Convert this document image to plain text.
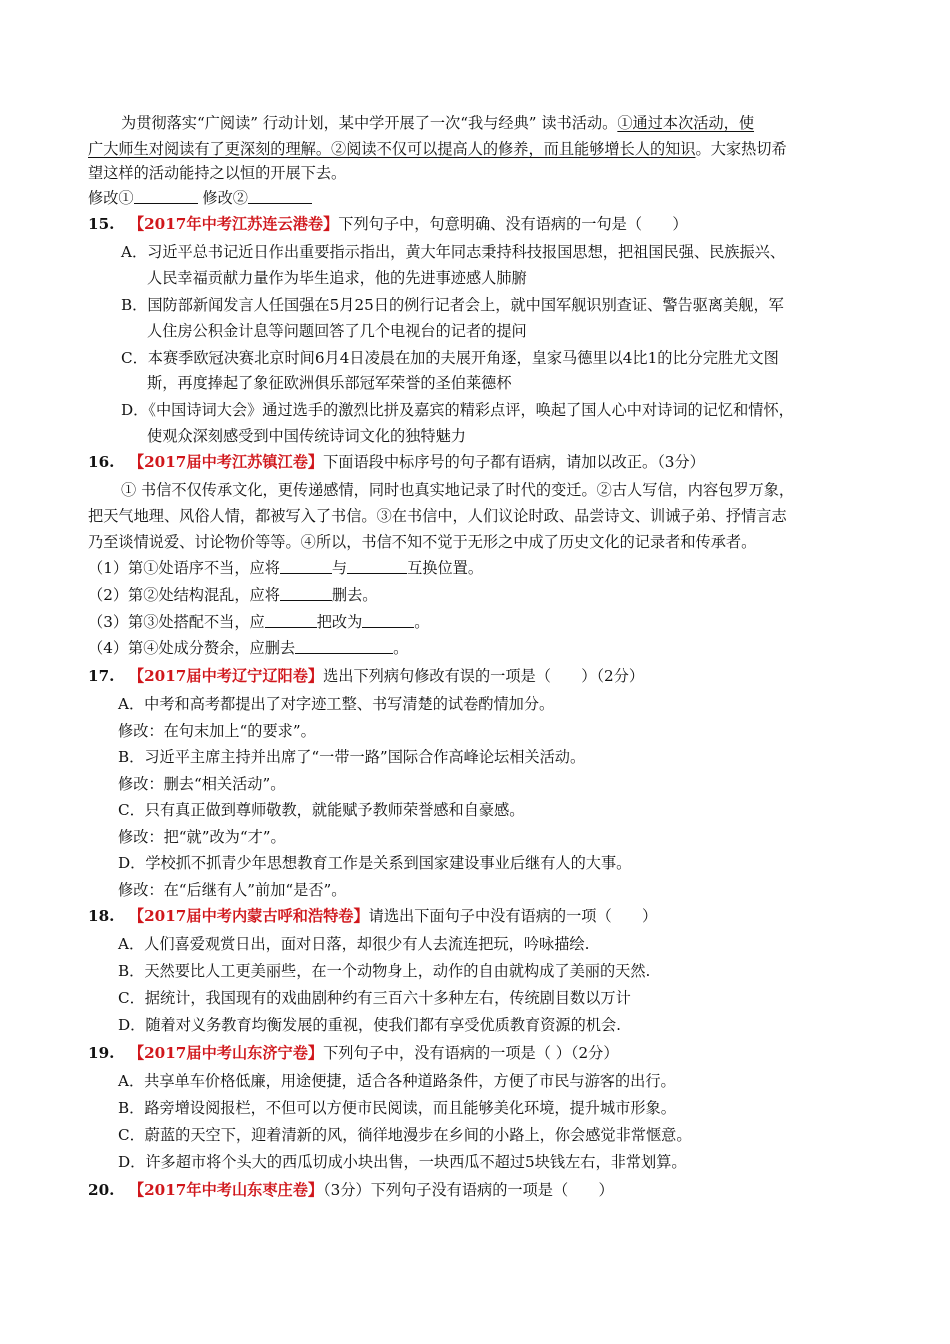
为贯彻落实“广阅读” 行动计划，某中学开展了一次“我与经典” 读书活动。①通过本次活动，使
广大师生对阅读有了更深刻的理解。②阅读不仅可以提高人的修养，而且能够增长人的知识。大家热切希
望这样的活动能持之以恒的开展下去。
修改①	修改②
15. 【2017年中考江苏连云港卷】下列句子中，句意明确、没有语病的一句是（　　）
A．习近平总书记近日作出重要指示指出，黄大年同志秉持科技报国思想，把祖国民强、民族振兴、
人民幸福贡献力量作为毕生追求，他的先进事迹感人肺腑
B．国防部新闻发言人任国强在5月25日的例行记者会上，就中国军舰识别查证、警告驱离美舰，军
人住房公积金计息等问题回答了几个电视台的记者的提问
C．本赛季欧冠决赛北京时间6月4日凌晨在加的夫展开角逐，皇家马德里以4比1的比分完胜尤文图
斯，再度捧起了象征欧洲俱乐部冠军荣誉的圣伯莱德杯
D．《中国诗词大会》通过选手的激烈比拼及嘉宾的精彩点评，唤起了国人心中对诗词的记忆和情怀，
使观众深刻感受到中国传统诗词文化的独特魅力
16. 【2017届中考江苏镇江卷】下面语段中标序号的句子都有语病，请加以改正。（3分）
① 书信不仅传承文化，更传递感情，同时也真实地记录了时代的变迁。②古人写信，内容包罗万象，
把天气地理、风俗人情，都被写入了书信。③在书信中，人们议论时政、品尝诗文、训诫子弟、抒情言志
乃至谈情说爱、讨论物价等等。④所以，书信不知不觉于无形之中成了历史文化的记录者和传承者。
（1）第①处语序不当，应将	与	互换位置。
（2）第②处结构混乱，应将	删去。
（3）第③处搭配不当，应	把改为	。
（4）第④处成分赘余，应删去	。
17. 【2017届中考辽宁辽阳卷】选出下列病句修改有误的一项是（　　）（2分）
A．中考和高考都提出了对字迹工整、书写清楚的试卷酌情加分。
修改：在句末加上“的要求”。
B．习近平主席主持并出席了“一带一路”国际合作高峰论坛相关活动。
修改：删去“相关活动”。
C．只有真正做到尊师敬教，就能赋予教师荣誉感和自豪感。
修改：把“就”改为“才”。
D．学校抓不抓青少年思想教育工作是关系到国家建设事业后继有人的大事。
修改：在“后继有人”前加“是否”。
18. 【2017届中考内蒙古呼和浩特卷】请选出下面句子中没有语病的一项（　　）
A．人们喜爱观赏日出，面对日落，却很少有人去流连把玩，吟咏描绘.
B．天然要比人工更美丽些，在一个动物身上，动作的自由就构成了美丽的天然.
C．据统计，我国现有的戏曲剧种约有三百六十多种左右，传统剧目数以万计
D．随着对义务教育均衡发展的重视，使我们都有享受优质教育资源的机会.
19. 【2017届中考山东济宁卷】下列句子中，没有语病的一项是（ ）（2分）
A．共享单车价格低廉，用途便捷，适合各种道路条件，方便了市民与游客的出行。
B．路旁增设阅报栏，不但可以方便市民阅读，而且能够美化环境，提升城市形象。
C．蔚蓝的天空下，迎着清新的风，徜徉地漫步在乡间的小路上，你会感觉非常惬意。
D．许多超市将个头大的西瓜切成小块出售，一块西瓜不超过5块钱左右，非常划算。
20. 【2017年中考山东枣庄卷】（3分）下列句子没有语病的一项是（　　）
